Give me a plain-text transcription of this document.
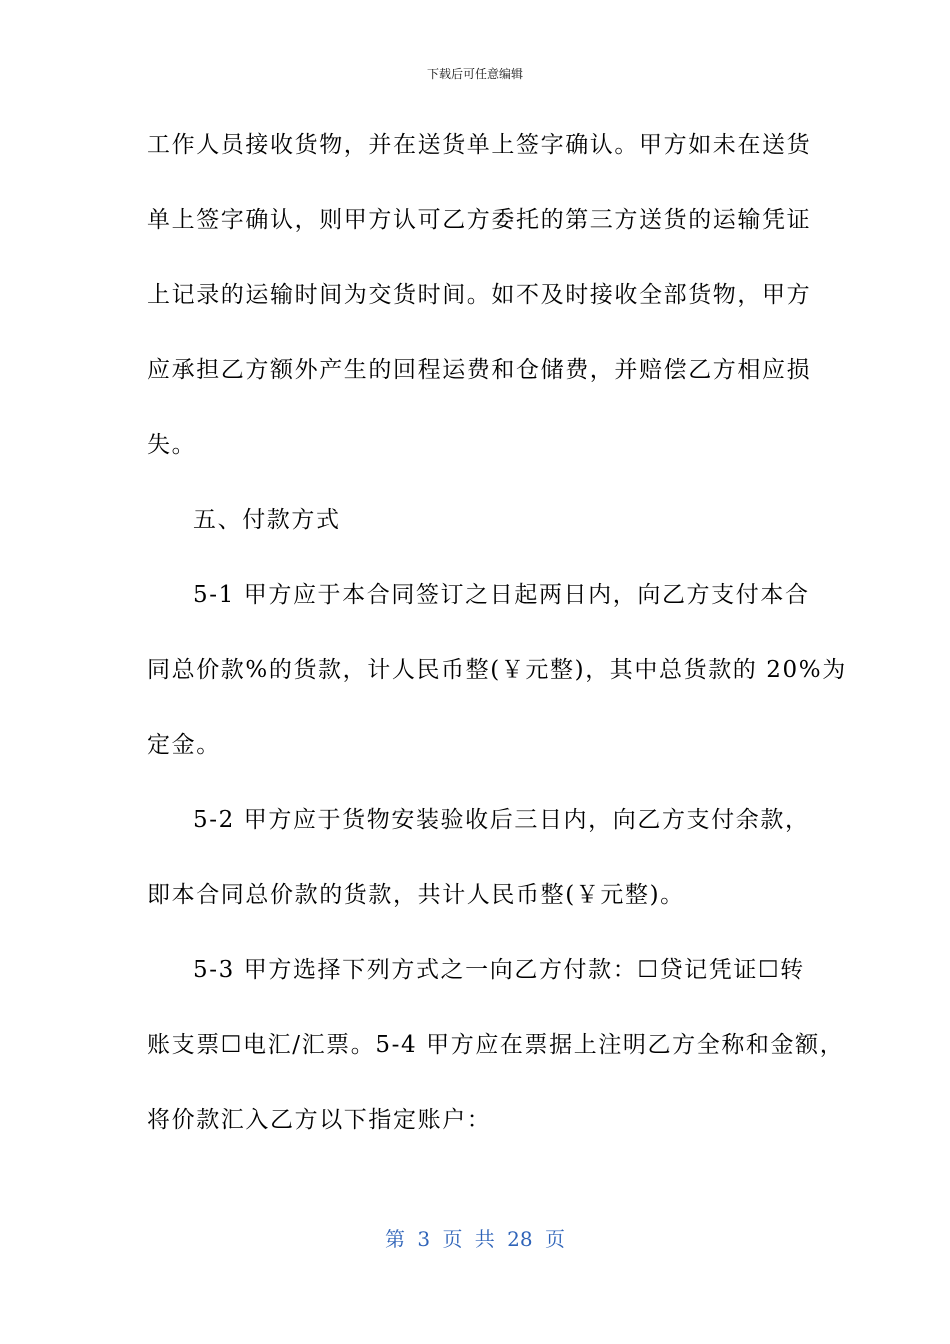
下载后可任意编辑
工作人员接收货物，并在送货单上签字确认。甲方如未在送货
单上签字确认，则甲方认可乙方委托的第三方送货的运输凭证
上记录的运输时间为交货时间。如不及时接收全部货物，甲方
应承担乙方额外产生的回程运费和仓储费，并赔偿乙方相应损
失。
五、付款方式
5-1 甲方应于本合同签订之日起两日内，向乙方支付本合
同总价款%的货款，计人民币整(￥元整)，其中总货款的 20%为
定金。
5-2 甲方应于货物安装验收后三日内，向乙方支付余款，
即本合同总价款的货款，共计人民币整(￥元整)。
5-3 甲方选择下列方式之一向乙方付款：☐贷记凭证☐转
账支票☐电汇/汇票。5-4 甲方应在票据上注明乙方全称和金额，
将价款汇入乙方以下指定账户：
第 3 页 共 28 页
